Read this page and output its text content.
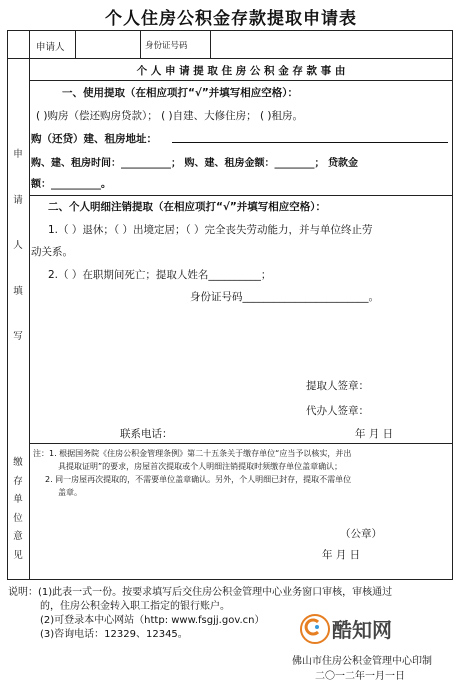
个人住房公积金存款提取申请表
申请人	身份证号码
个 人 申 请 提 取 住 房 公 积 金 存 款 事 由
申
请
人
填
写
一、使用提取（在相应项打“√”并填写相应空格）：
( )购房（偿还购房贷款）； ( )自建、大修住房； ( )租房。
购（还贷）建、租房地址：
购、建、租房时间：__________； 购、建、租房金额：________； 贷款金
额：__________。
二、个人明细注销提取（在相应项打“√”并填写相应空格）：
1.（ ）退休；（ ）出境定居；（ ）完全丧失劳动能力，并与单位终止劳
动关系。
2.（ ）在职期间死亡；提取人姓名__________；
身份证号码________________________。
提取人签章：
代办人签章：
联系电话：	年 月 日
缴
存
单
位
意
见
注：1. 根据国务院《住房公积金管理条例》第二十五条关于缴存单位“应当予以核实，并出
具提取证明”的要求，房屋首次提取或个人明细注销提取时须缴存单位盖章确认；
2. 同一房屋再次提取的，不需要单位盖章确认。另外，个人明细已封存，提取不需单位
盖章。
（公章）
年 月 日
说明：(1)此表一式一份。按要求填写后交住房公积金管理中心业务窗口审核，审核通过
的，住房公积金转入职工指定的银行账户。
(2)可登录本中心网站（http: www.fsgjj.gov.cn）
(3)咨询电话：12329、12345。
佛山市住房公积金管理中心印制
二〇一二年一月一日
酷知网
